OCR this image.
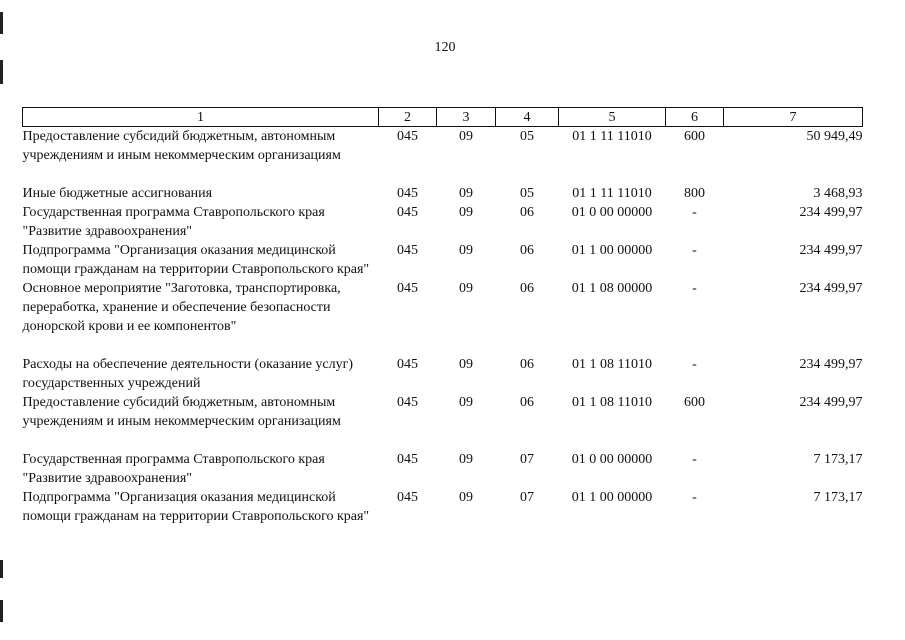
120
1	2	3	4	5	6	7
Предоставление субсидий бюджетным, автономным учреждениям и иным некоммерческим организациям	045	09	05	01 1 11 11010	600	50 949,49

Иные бюджетные ассигнования	045	09	05	01 1 11 11010	800	3 468,93
Государственная программа Ставропольского края "Развитие здравоохранения"	045	09	06	01 0 00 00000	-	234 499,97
Подпрограмма "Организация оказания медицинской помощи гражданам на территории Ставропольского края"	045	09	06	01 1 00 00000	-	234 499,97
Основное мероприятие "Заготовка, транспортировка, переработка, хранение и обеспечение безопасности донорской крови и ее компонентов"	045	09	06	01 1 08 00000	-	234 499,97

Расходы на обеспечение деятельности (оказание услуг) государственных учреждений	045	09	06	01 1 08 11010	-	234 499,97
Предоставление субсидий бюджетным, автономным учреждениям и иным некоммерческим организациям	045	09	06	01 1 08 11010	600	234 499,97

Государственная программа Ставропольского края "Развитие здравоохранения"	045	09	07	01 0 00 00000	-	7 173,17
Подпрограмма "Организация оказания медицинской помощи гражданам на территории Ставропольского края"	045	09	07	01 1 00 00000	-	7 173,17
